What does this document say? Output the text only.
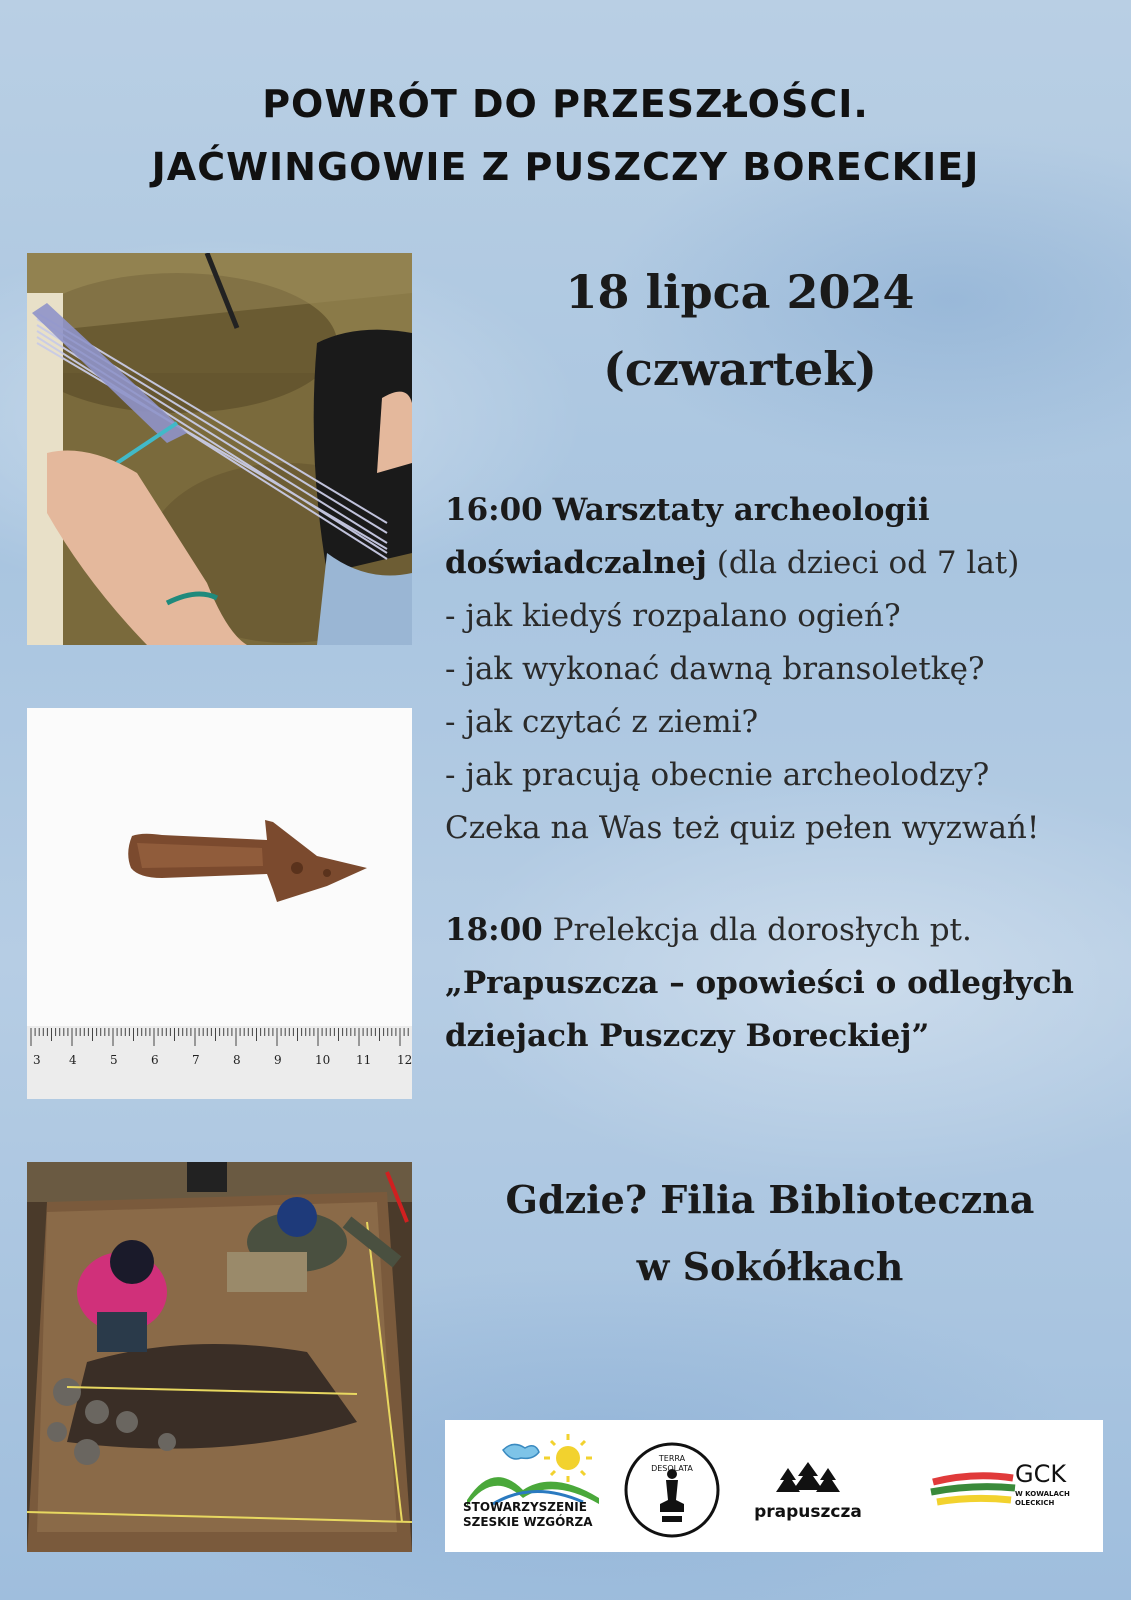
POWRÓT DO PRZESZŁOŚCI.
JAĆWINGOWIE Z PUSZCZY BORECKIEJ
3 4	5	6	7	8	9	10 11 12
18 lipca 2024
(czwartek)
16:00 Warsztaty archeologii
doświadczalnej (dla dzieci od 7 lat)
- jak kiedyś rozpalano ogień?
- jak wykonać dawną bransoletkę?
- jak czytać z ziemi?
- jak pracują obecnie archeolodzy?
Czeka na Was też quiz pełen wyzwań!
18:00 Prelekcja dla dorosłych pt.
„Prapuszcza – opowieści o odległych
dziejach Puszczy Boreckiej”
Gdzie? Filia Biblioteczna
w Sokółkach
STOWARZYSZENIE
SZESKIE WZGÓRZA
TERRA
DESOLATA
prapuszcza
GCK
W KOWALACH
OLECKICH
